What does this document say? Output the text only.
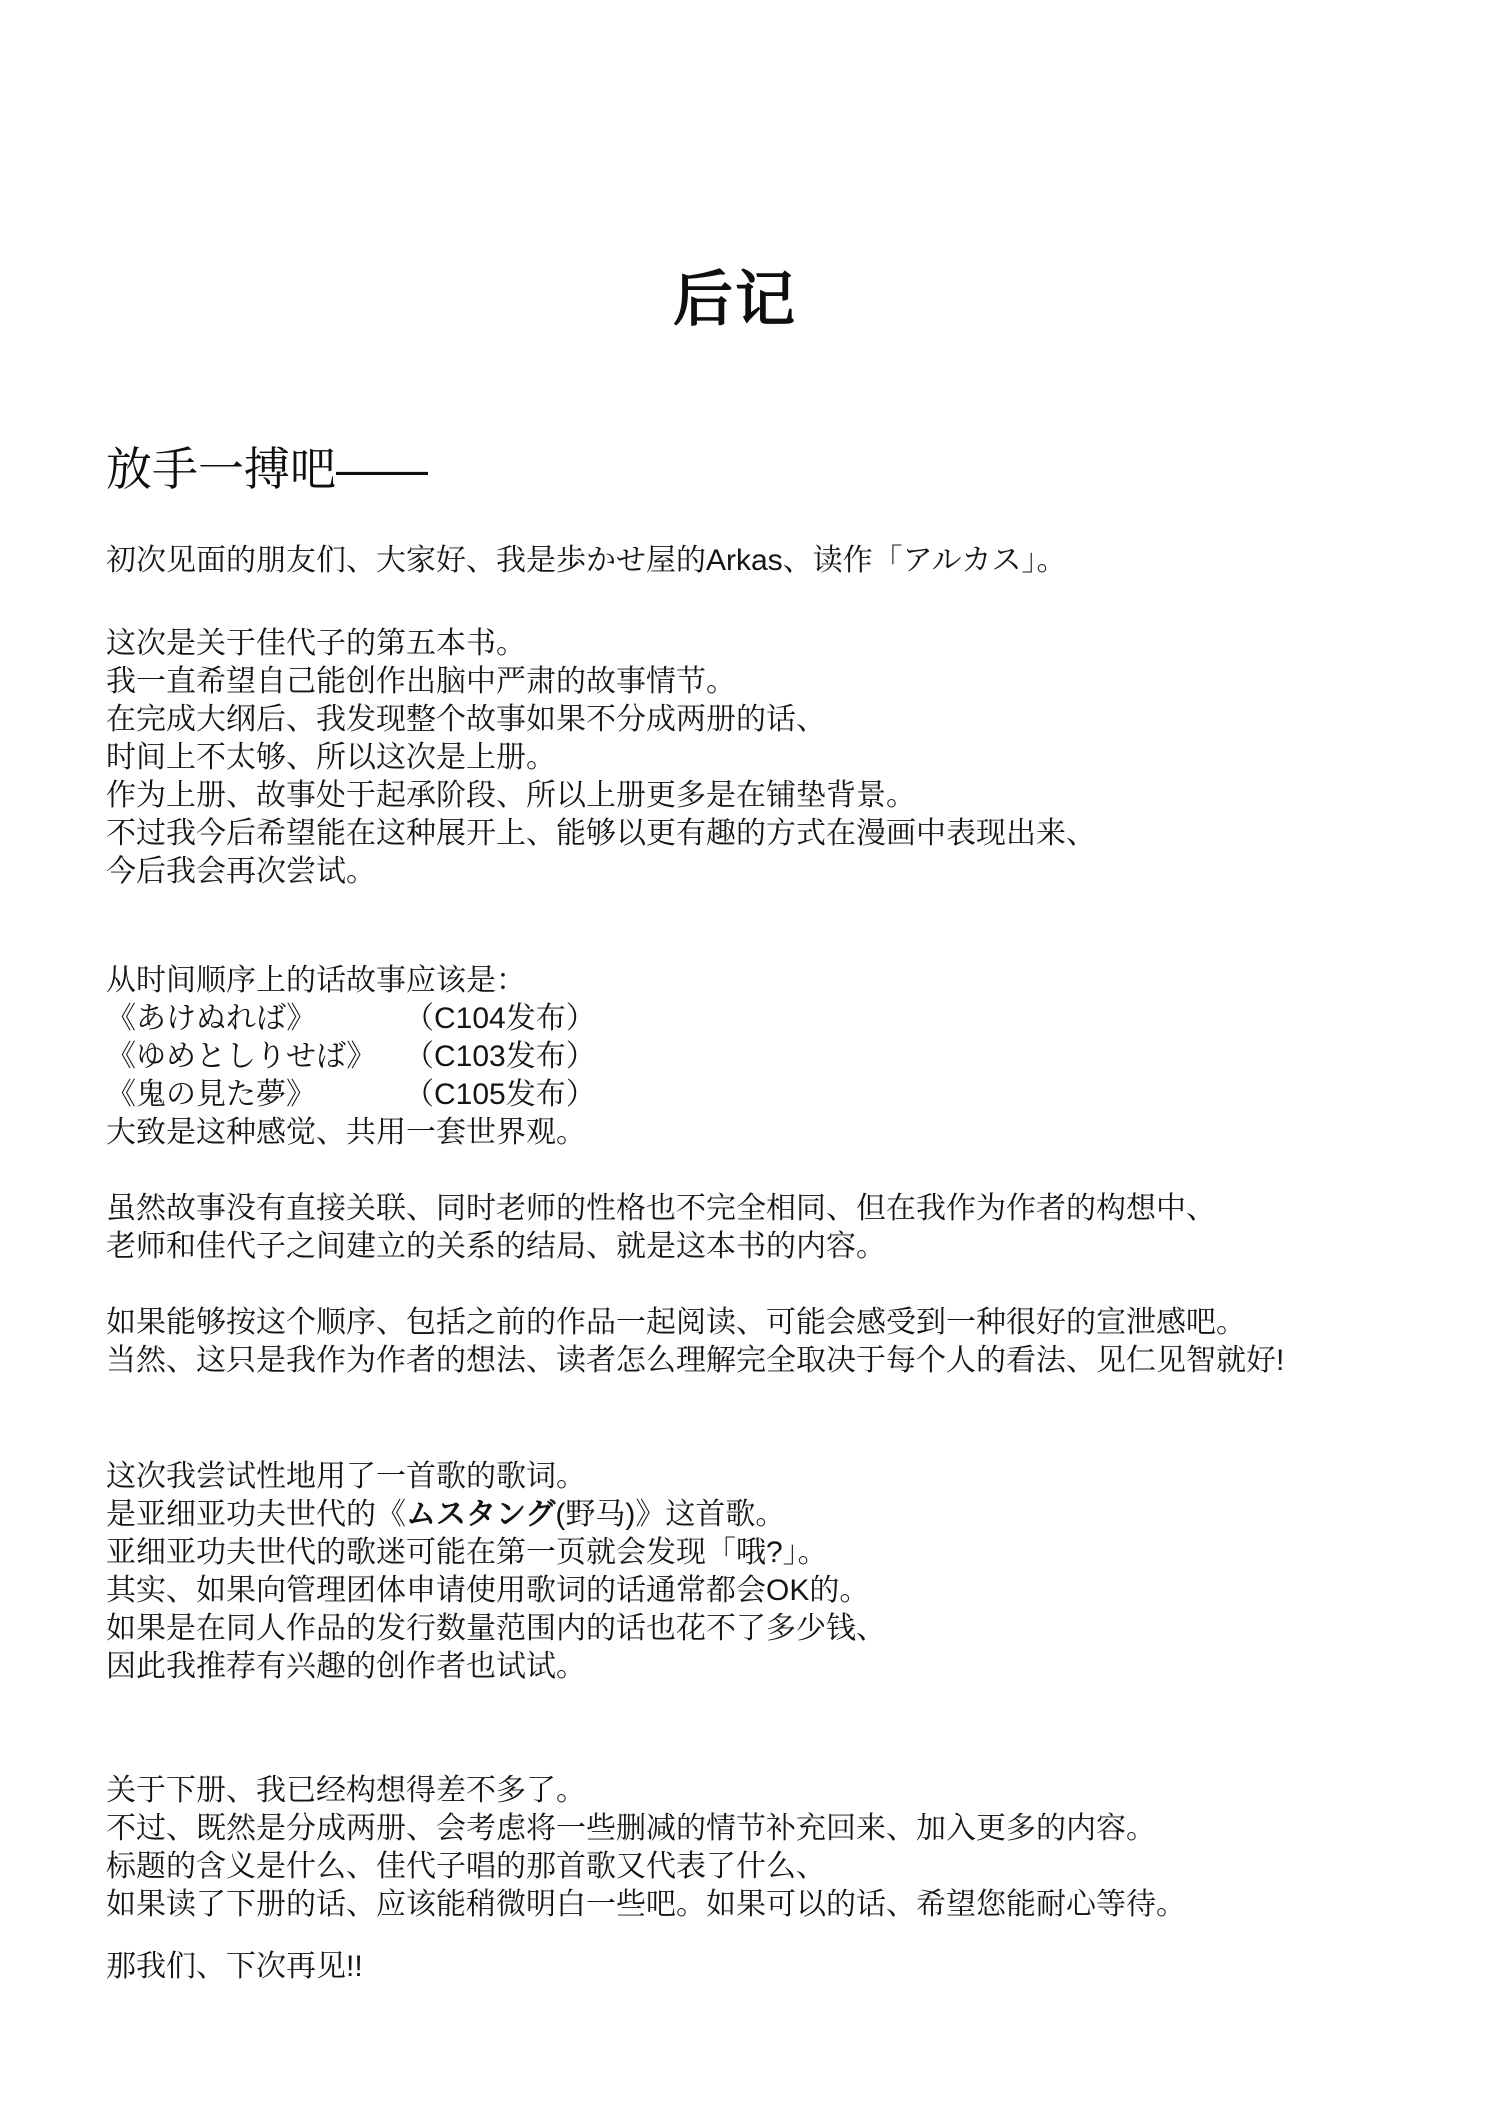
后记
放手一搏吧——
初次见面的朋友们、大家好、我是歩かせ屋的Arkas、读作「アルカス」。
这次是关于佳代子的第五本书。
我一直希望自己能创作出脑中严肃的故事情节。
在完成大纲后、我发现整个故事如果不分成两册的话、
时间上不太够、所以这次是上册。
作为上册、故事处于起承阶段、所以上册更多是在铺垫背景。
不过我今后希望能在这种展开上、能够以更有趣的方式在漫画中表现出来、
今后我会再次尝试。
从时间顺序上的话故事应该是：
《あけぬれば》	（C104发布）
《ゆめとしりせば》 （C103发布）
《鬼の見た夢》	（C105发布）
大致是这种感觉、共用一套世界观。
虽然故事没有直接关联、同时老师的性格也不完全相同、但在我作为作者的构想中、
老师和佳代子之间建立的关系的结局、就是这本书的内容。
如果能够按这个顺序、包括之前的作品一起阅读、可能会感受到一种很好的宣泄感吧。
当然、这只是我作为作者的想法、读者怎么理解完全取决于每个人的看法、见仁见智就好!
这次我尝试性地用了一首歌的歌词。
是亚细亚功夫世代的《ムスタング(野马)》这首歌。
亚细亚功夫世代的歌迷可能在第一页就会发现「哦?」。
其实、如果向管理团体申请使用歌词的话通常都会OK的。
如果是在同人作品的发行数量范围内的话也花不了多少钱、
因此我推荐有兴趣的创作者也试试。
关于下册、我已经构想得差不多了。
不过、既然是分成两册、会考虑将一些删减的情节补充回来、加入更多的内容。
标题的含义是什么、佳代子唱的那首歌又代表了什么、
如果读了下册的话、应该能稍微明白一些吧。如果可以的话、希望您能耐心等待。
那我们、下次再见!!
